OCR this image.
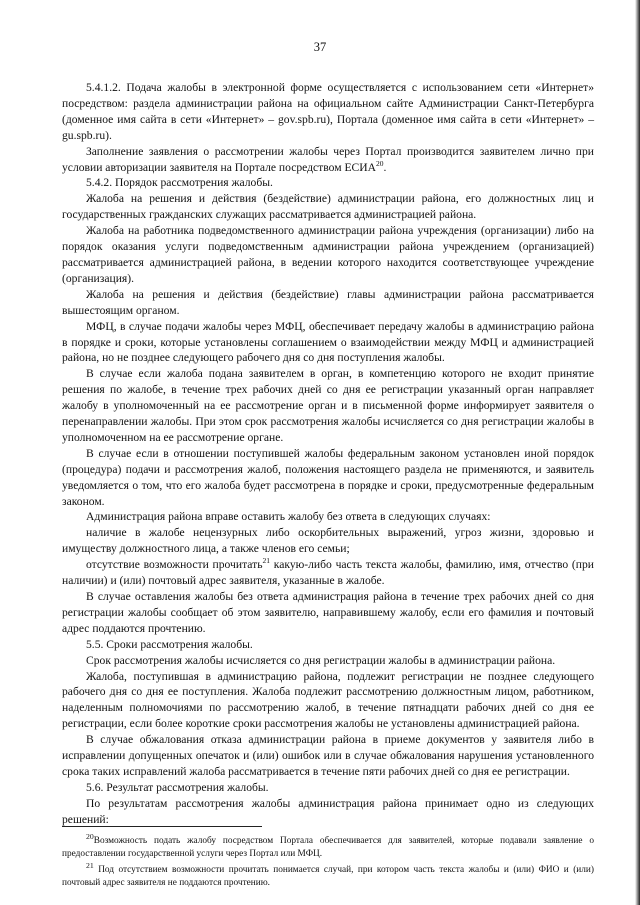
37

5.4.1.2. Подача жалобы в электронной форме осуществляется с использованием сети «Интернет» посредством: раздела администрации района на официальном сайте Администрации Санкт-Петербурга (доменное имя сайта в сети «Интернет» – gov.spb.ru), Портала (доменное имя сайта в сети «Интернет» – gu.spb.ru).

Заполнение заявления о рассмотрении жалобы через Портал производится заявителем лично при условии авторизации заявителя на Портале посредством ЕСИА$^{20}$.

5.4.2. Порядок рассмотрения жалобы.

Жалоба на решения и действия (бездействие) администрации района, его должностных лиц и государственных гражданских служащих рассматривается администрацией района.

Жалоба на работника подведомственного администрации района учреждения (организации) либо на порядок оказания услуги подведомственным администрации района учреждением (организацией) рассматривается администрацией района, в ведении которого находится соответствующее учреждение (организация).

Жалоба на решения и действия (бездействие) главы администрации района рассматривается вышестоящим органом.

МФЦ, в случае подачи жалобы через МФЦ, обеспечивает передачу жалобы в администрацию района в порядке и сроки, которые установлены соглашением о взаимодействии между МФЦ и администрацией района, но не позднее следующего рабочего дня со дня поступления жалобы.

В случае если жалоба подана заявителем в орган, в компетенцию которого не входит принятие решения по жалобе, в течение трех рабочих дней со дня ее регистрации указанный орган направляет жалобу в уполномоченный на ее рассмотрение орган и в письменной форме информирует заявителя о перенаправлении жалобы. При этом срок рассмотрения жалобы исчисляется со дня регистрации жалобы в уполномоченном на ее рассмотрение органе.

В случае если в отношении поступившей жалобы федеральным законом установлен иной порядок (процедура) подачи и рассмотрения жалоб, положения настоящего раздела не применяются, и заявитель уведомляется о том, что его жалоба будет рассмотрена в порядке и сроки, предусмотренные федеральным законом.

Администрация района вправе оставить жалобу без ответа в следующих случаях:

наличие в жалобе нецензурных либо оскорбительных выражений, угроз жизни, здоровью и имуществу должностного лица, а также членов его семьи;
отсутствие возможности прочитать$^{21}$ какую-либо часть текста жалобы, фамилию, имя, отчество (при наличии) и (или) почтовый адрес заявителя, указанные в жалобе.

В случае оставления жалобы без ответа администрация района в течение трех рабочих дней со дня регистрации жалобы сообщает об этом заявителю, направившему жалобу, если его фамилия и почтовый адрес поддаются прочтению.

5.5. Сроки рассмотрения жалобы.

Срок рассмотрения жалобы исчисляется со дня регистрации жалобы в администрации района.

Жалоба, поступившая в администрацию района, подлежит регистрации не позднее следующего рабочего дня со дня ее поступления. Жалоба подлежит рассмотрению должностным лицом, работником, наделенным полномочиями по рассмотрению жалоб, в течение пятнадцати рабочих дней со дня ее регистрации, если более короткие сроки рассмотрения жалобы не установлены администрацией района.

В случае обжалования отказа администрации района в приеме документов у заявителя либо в исправлении допущенных опечаток и (или) ошибок или в случае обжалования нарушения установленного срока таких исправлений жалоба рассматривается в течение пяти рабочих дней со дня ее регистрации.

5.6. Результат рассмотрения жалобы.

По результатам рассмотрения жалобы администрация района принимает одно из следующих решений:

$^{20}$Возможность подать жалобу посредством Портала обеспечивается для заявителей, которые подавали заявление о предоставлении государственной услуги через Портал или МФЦ.

$^{21}$ Под отсутствием возможности прочитать понимается случай, при котором часть текста жалобы и (или) ФИО и (или) почтовый адрес заявителя не поддаются прочтению.
